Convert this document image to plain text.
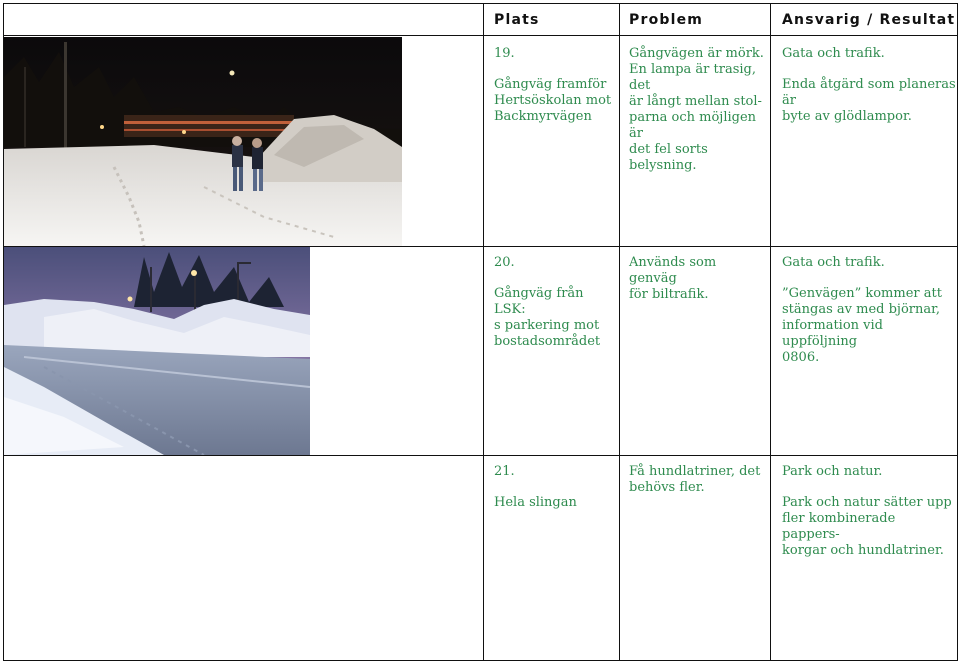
Plats	Problem	Ansvarig / Resultat

19.

Gångväg framför
Hertsöskolan mot
Backmyrvägen

Gångvägen är mörk.
En lampa är trasig, det
är långt mellan stol-
parna och möjligen är
det fel sorts belysning.

Gata och trafik.

Enda åtgärd som planeras är
byte av glödlampor.

20.

Gångväg från LSK:
s parkering mot
bostadsområdet

Används som genväg
för biltrafik.

Gata och trafik.

”Genvägen” kommer att
stängas av med björnar,
information vid uppföljning
0806.

21.

Hela slingan

Få hundlatriner, det
behövs fler.

Park och natur.

Park och natur sätter upp
fler kombinerade pappers-
korgar och hundlatriner.
